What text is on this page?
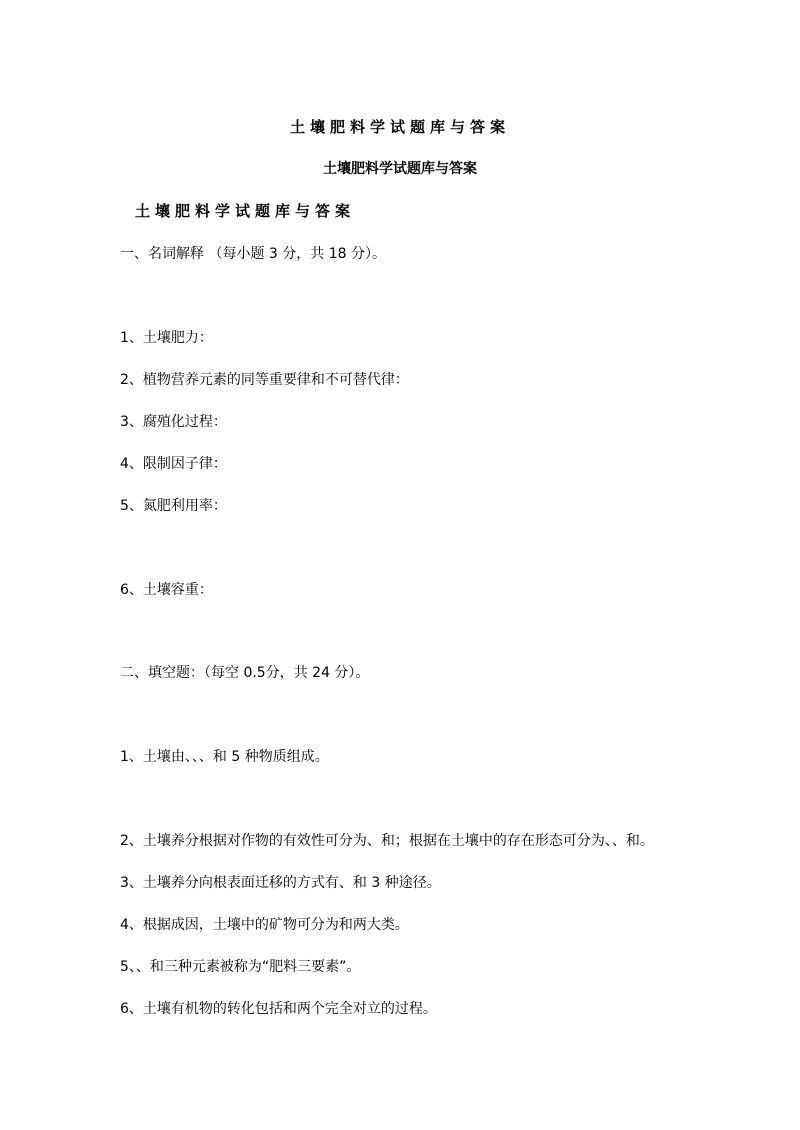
土壤肥料学试题库与答案
土壤肥料学试题库与答案
土壤肥料学试题库与答案
一、名词解释 （每小题 3 分，共 18 分）。
1、土壤肥力：
2、植物营养元素的同等重要律和不可替代律：
3、腐殖化过程：
4、限制因子律：
5、氮肥利用率：
6、土壤容重：
二、填空题：（每空 0.5分，共 24 分）。
1、土壤由、、、和 5 种物质组成。
2、土壤养分根据对作物的有效性可分为、和；根据在土壤中的存在形态可分为、、和。
3、土壤养分向根表面迁移的方式有、和 3 种途径。
4、根据成因，土壤中的矿物可分为和两大类。
5、、和三种元素被称为“肥料三要素”。
6、土壤有机物的转化包括和两个完全对立的过程。
